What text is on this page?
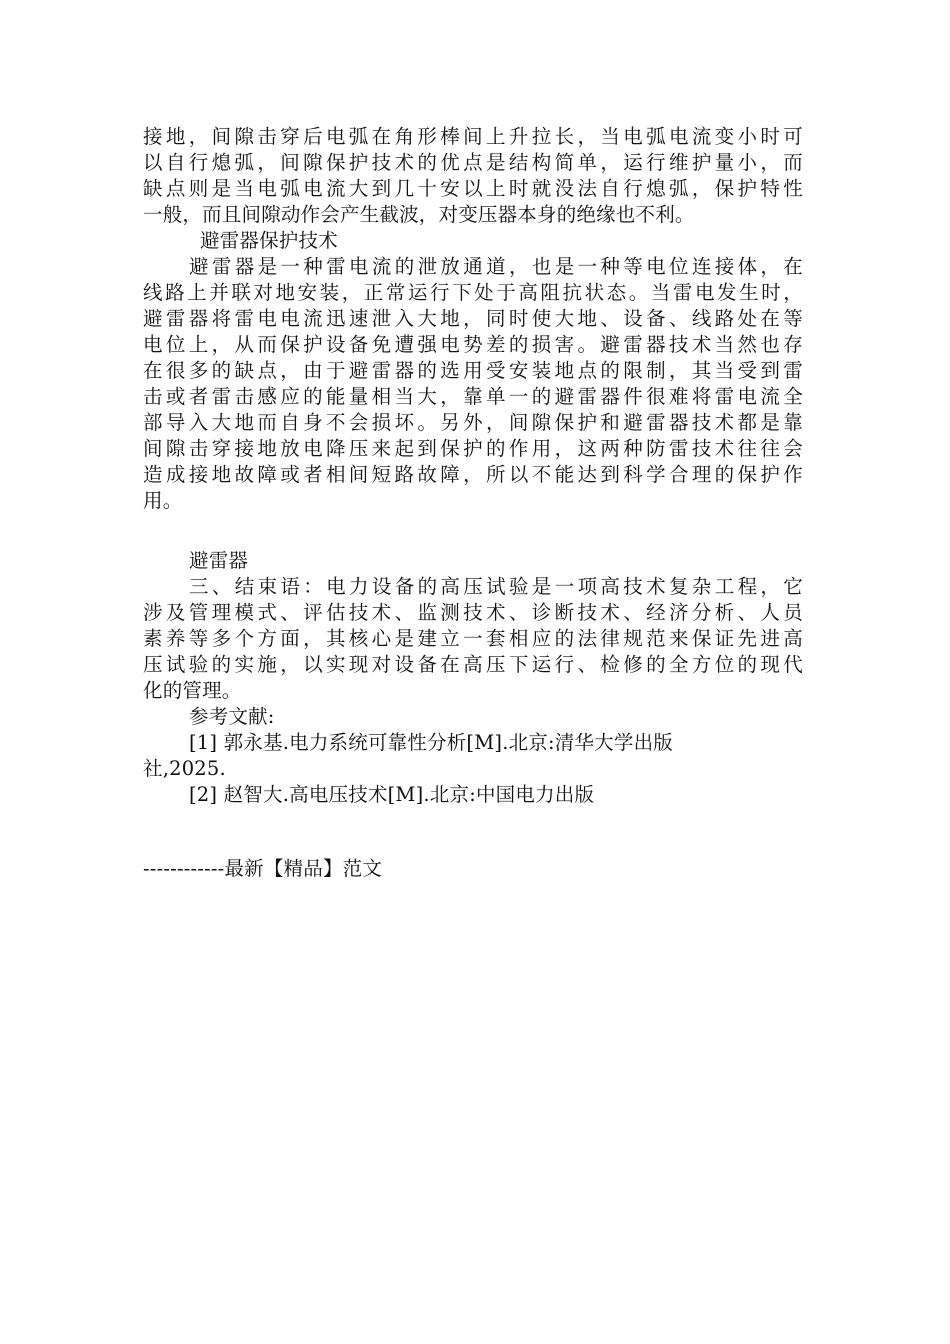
接地，间隙击穿后电弧在角形棒间上升拉长，当电弧电流变小时可
以自行熄弧，间隙保护技术的优点是结构简单，运行维护量小，而
缺点则是当电弧电流大到几十安以上时就没法自行熄弧，保护特性
一般，而且间隙动作会产生截波，对变压器本身的绝缘也不利。
避雷器保护技术
避雷器是一种雷电流的泄放通道，也是一种等电位连接体，在
线路上并联对地安装，正常运行下处于高阻抗状态。当雷电发生时，
避雷器将雷电电流迅速泄入大地，同时使大地、设备、线路处在等
电位上，从而保护设备免遭强电势差的损害。避雷器技术当然也存
在很多的缺点，由于避雷器的选用受安装地点的限制，其当受到雷
击或者雷击感应的能量相当大，靠单一的避雷器件很难将雷电流全
部导入大地而自身不会损坏。另外，间隙保护和避雷器技术都是靠
间隙击穿接地放电降压来起到保护的作用，这两种防雷技术往往会
造成接地故障或者相间短路故障，所以不能达到科学合理的保护作
用。
避雷器
三、结束语：电力设备的高压试验是一项高技术复杂工程，它
涉及管理模式、评估技术、监测技术、诊断技术、经济分析、人员
素养等多个方面，其核心是建立一套相应的法律规范来保证先进高
压试验的实施，以实现对设备在高压下运行、检修的全方位的现代
化的管理。
参考文献:
[1] 郭永基.电力系统可靠性分析[M].北京:清华大学出版
社,2025.
[2] 赵智大.高电压技术[M].北京:中国电力出版
------------最新【精品】范文
